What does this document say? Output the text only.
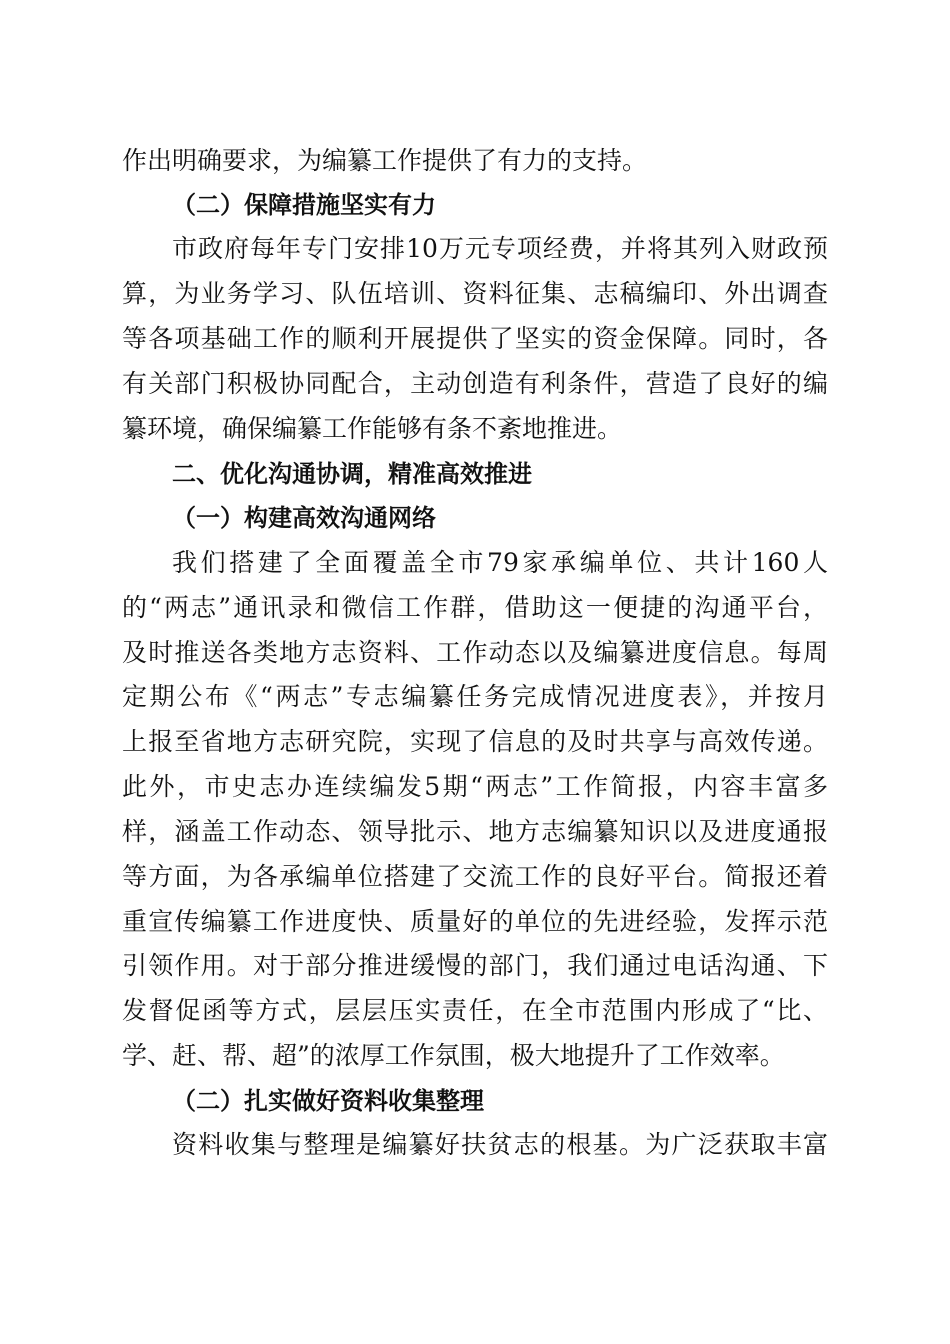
作出明确要求，为编纂工作提供了有力的支持。
（二）保障措施坚实有力
市政府每年专门安排10万元专项经费，并将其列入财政预
算，为业务学习、队伍培训、资料征集、志稿编印、外出调查
等各项基础工作的顺利开展提供了坚实的资金保障。同时，各
有关部门积极协同配合，主动创造有利条件，营造了良好的编
纂环境，确保编纂工作能够有条不紊地推进。
二、优化沟通协调，精准高效推进
（一）构建高效沟通网络
我们搭建了全面覆盖全市79家承编单位、共计160人
的“两志”通讯录和微信工作群，借助这一便捷的沟通平台，
及时推送各类地方志资料、工作动态以及编纂进度信息。每周
定期公布《“两志”专志编纂任务完成情况进度表》，并按月
上报至省地方志研究院，实现了信息的及时共享与高效传递。
此外，市史志办连续编发5期“两志”工作简报，内容丰富多
样，涵盖工作动态、领导批示、地方志编纂知识以及进度通报
等方面，为各承编单位搭建了交流工作的良好平台。简报还着
重宣传编纂工作进度快、质量好的单位的先进经验，发挥示范
引领作用。对于部分推进缓慢的部门，我们通过电话沟通、下
发督促函等方式，层层压实责任，在全市范围内形成了“比、
学、赶、帮、超”的浓厚工作氛围，极大地提升了工作效率。
（二）扎实做好资料收集整理
资料收集与整理是编纂好扶贫志的根基。为广泛获取丰富
